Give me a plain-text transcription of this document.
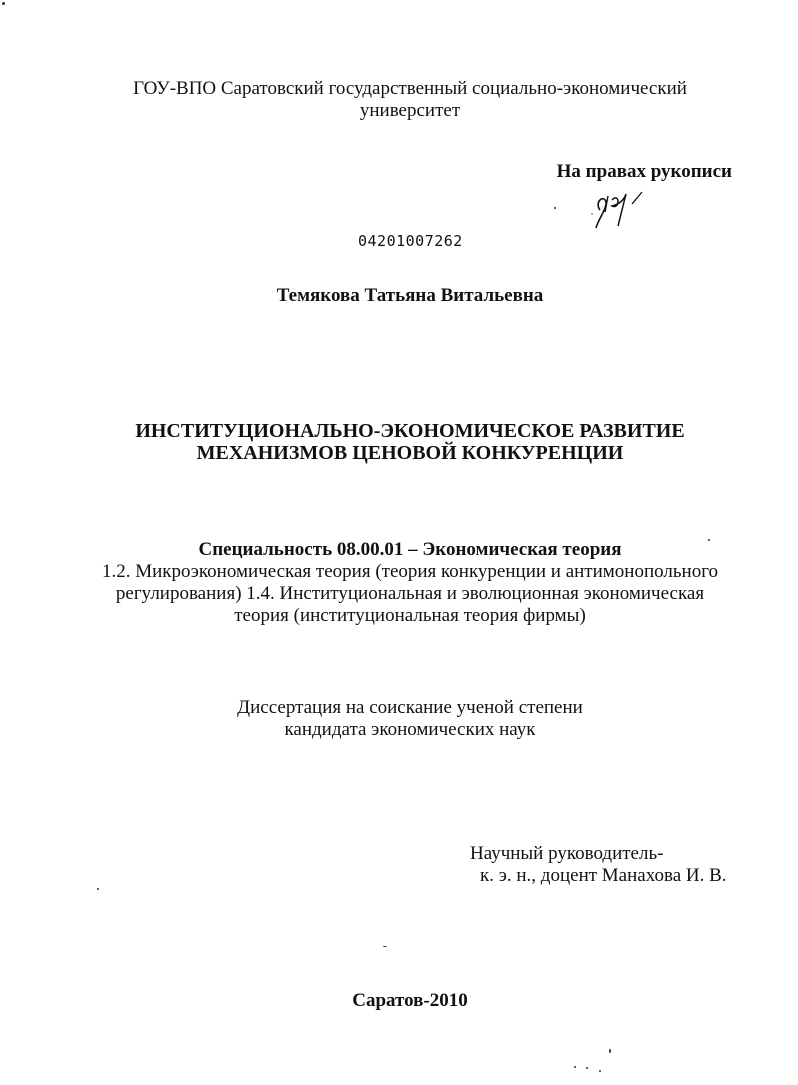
ГОУ-ВПО Саратовский государственный социально-экономический
университет
На правах рукописи
04201007262
Темякова Татьяна Витальевна
ИНСТИТУЦИОНАЛЬНО-ЭКОНОМИЧЕСКОЕ РАЗВИТИЕ
МЕХАНИЗМОВ ЦЕНОВОЙ КОНКУРЕНЦИИ
Специальность 08.00.01 – Экономическая теория
1.2. Микроэкономическая теория (теория конкуренции и антимонопольного
регулирования) 1.4. Институциональная и эволюционная экономическая
теория (институциональная теория фирмы)
Диссертация на соискание ученой степени
кандидата экономических наук
Научный руководитель-
к. э. н., доцент Манахова И. В.
Саратов-2010
